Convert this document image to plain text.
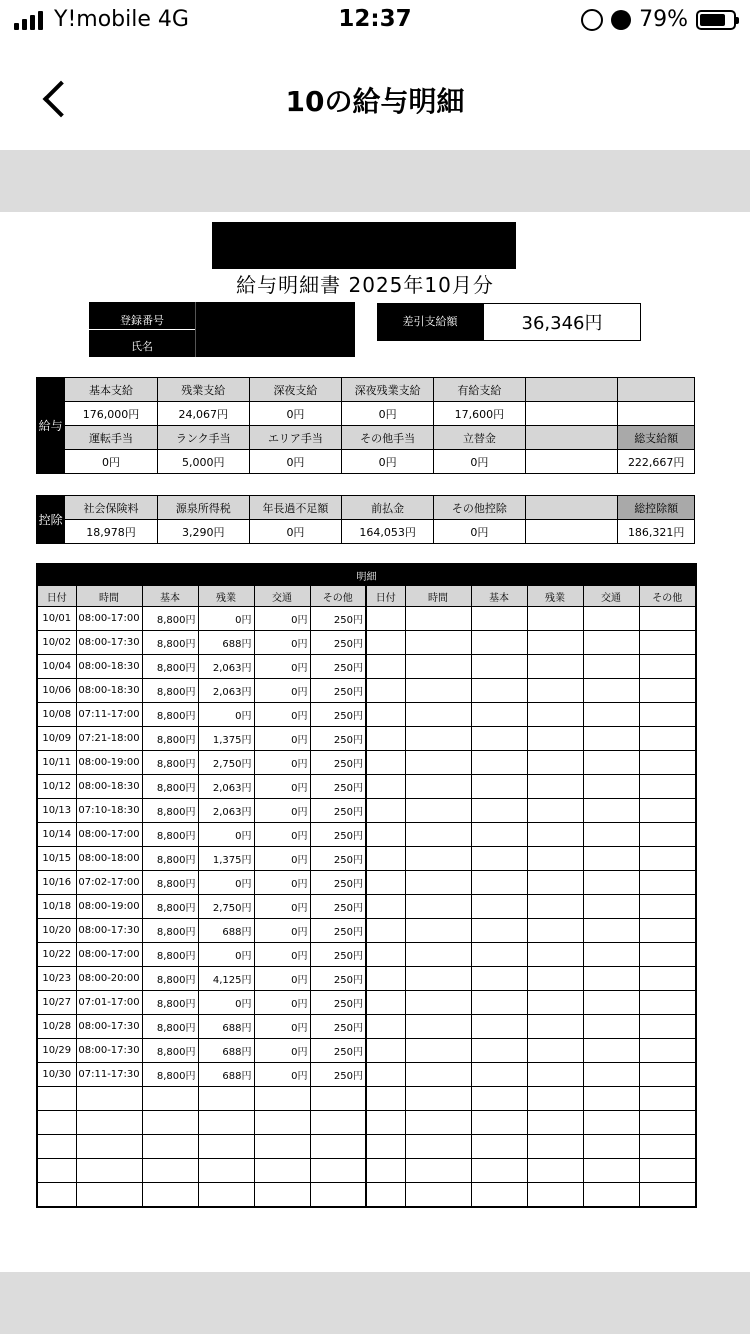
Y!mobile 4G	12:37	79%
10の給与明細
給与明細書 2025年10月分
登録番号
氏名
差引支給額	36,346円
給与	基本支給	残業支給	深夜支給	深夜残業支給	有給支給		
	176,000円	24,067円	0円	0円	17,600円		
	運転手当	ランク手当	エリア手当	その他手当	立替金		総支給額
	0円	5,000円	0円	0円	0円		222,667円
控除	社会保険料	源泉所得税	年長過不足額	前払金	その他控除		総控除額
	18,978円	3,290円	0円	164,053円	0円		186,321円
明細											
日付	時間	基本	残業	交通	その他	日付	時間	基本	残業	交通	その他
10/01	08:00-17:00	8,800円	0円	0円	250円						
10/02	08:00-17:30	8,800円	688円	0円	250円						
10/04	08:00-18:30	8,800円	2,063円	0円	250円						
10/06	08:00-18:30	8,800円	2,063円	0円	250円						
10/08	07:11-17:00	8,800円	0円	0円	250円						
10/09	07:21-18:00	8,800円	1,375円	0円	250円						
10/11	08:00-19:00	8,800円	2,750円	0円	250円						
10/12	08:00-18:30	8,800円	2,063円	0円	250円						
10/13	07:10-18:30	8,800円	2,063円	0円	250円						
10/14	08:00-17:00	8,800円	0円	0円	250円						
10/15	08:00-18:00	8,800円	1,375円	0円	250円						
10/16	07:02-17:00	8,800円	0円	0円	250円						
10/18	08:00-19:00	8,800円	2,750円	0円	250円						
10/20	08:00-17:30	8,800円	688円	0円	250円						
10/22	08:00-17:00	8,800円	0円	0円	250円						
10/23	08:00-20:00	8,800円	4,125円	0円	250円						
10/27	07:01-17:00	8,800円	0円	0円	250円						
10/28	08:00-17:30	8,800円	688円	0円	250円						
10/29	08:00-17:30	8,800円	688円	0円	250円						
10/30	07:11-17:30	8,800円	688円	0円	250円						
